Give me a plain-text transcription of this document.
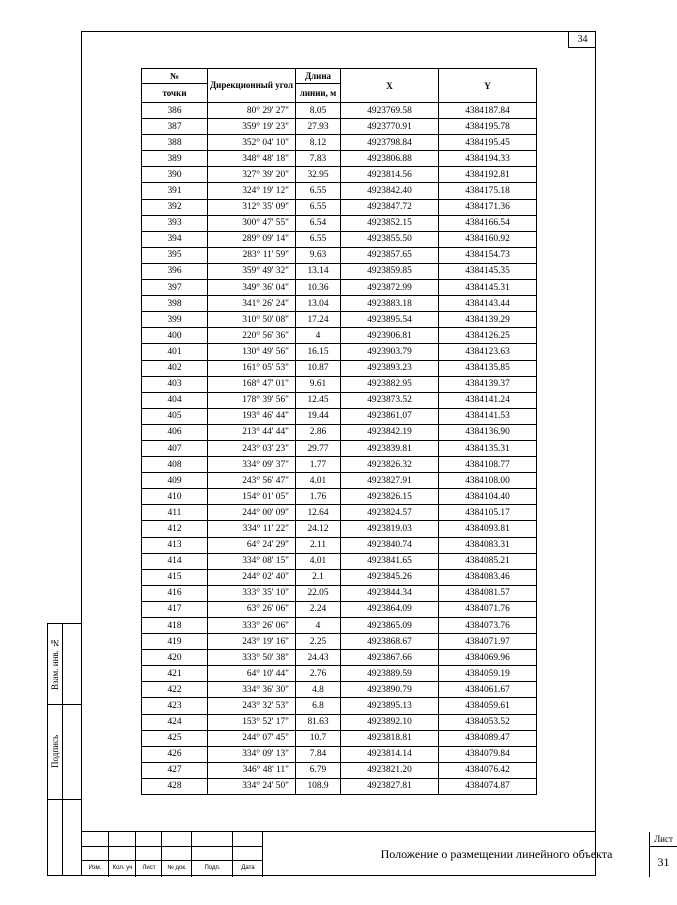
34
Взам. инв. №
Подпись
№	Дирекционный угол	Длина	X	Y
точки		линии, м		
386	80° 29' 27"	8.05	4923769.58	4384187.84
387	359° 19' 23"	27.93	4923770.91	4384195.78
388	352° 04' 10"	8.12	4923798.84	4384195.45
389	348° 48' 18"	7.83	4923806.88	4384194.33
390	327° 39' 20"	32.95	4923814.56	4384192.81
391	324° 19' 12"	6.55	4923842.40	4384175.18
392	312° 35' 09"	6.55	4923847.72	4384171.36
393	300° 47' 55"	6.54	4923852.15	4384166.54
394	289° 09' 14"	6.55	4923855.50	4384160.92
395	283° 11' 59"	9.63	4923857.65	4384154.73
396	359° 49' 32"	13.14	4923859.85	4384145.35
397	349° 36' 04"	10.36	4923872.99	4384145.31
398	341° 26' 24"	13.04	4923883.18	4384143.44
399	310° 50' 08"	17.24	4923895.54	4384139.29
400	220° 56' 36"	4	4923906.81	4384126.25
401	130° 49' 56"	16.15	4923903.79	4384123.63
402	161° 05' 53"	10.87	4923893.23	4384135.85
403	168° 47' 01"	9.61	4923882.95	4384139.37
404	178° 39' 56"	12.45	4923873.52	4384141.24
405	193° 46' 44"	19.44	4923861.07	4384141.53
406	213° 44' 44"	2.86	4923842.19	4384136.90
407	243° 03' 23"	29.77	4923839.81	4384135.31
408	334° 09' 37"	1.77	4923826.32	4384108.77
409	243° 56' 47"	4.01	4923827.91	4384108.00
410	154° 01' 05"	1.76	4923826.15	4384104.40
411	244° 00' 09"	12.64	4923824.57	4384105.17
412	334° 11' 22"	24.12	4923819.03	4384093.81
413	64° 24' 29"	2.11	4923840.74	4384083.31
414	334° 08' 15"	4.01	4923841.65	4384085.21
415	244° 02' 40"	2.1	4923845.26	4384083.46
416	333° 35' 10"	22.05	4923844.34	4384081.57
417	63° 26' 06"	2.24	4923864.09	4384071.76
418	333° 26' 06"	4	4923865.09	4384073.76
419	243° 19' 16"	2.25	4923868.67	4384071.97
420	333° 50' 38"	24.43	4923867.66	4384069.96
421	64° 10' 44"	2.76	4923889.59	4384059.19
422	334° 36' 30"	4.8	4923890.79	4384061.67
423	243° 32' 53"	6.8	4923895.13	4384059.61
424	153° 52' 17"	81.63	4923892.10	4384053.52
425	244° 07' 45"	10.7	4923818.81	4384089.47
426	334° 09' 13"	7.84	4923814.14	4384079.84
427	346° 48' 11"	6.79	4923821.20	4384076.42
428	334° 24' 50"	108.9	4923827.81	4384074.87
Изм.	Кол. уч	Лист	№ док.	Подп.	Дата
Положение о размещении линейного объекта
Лист
31
